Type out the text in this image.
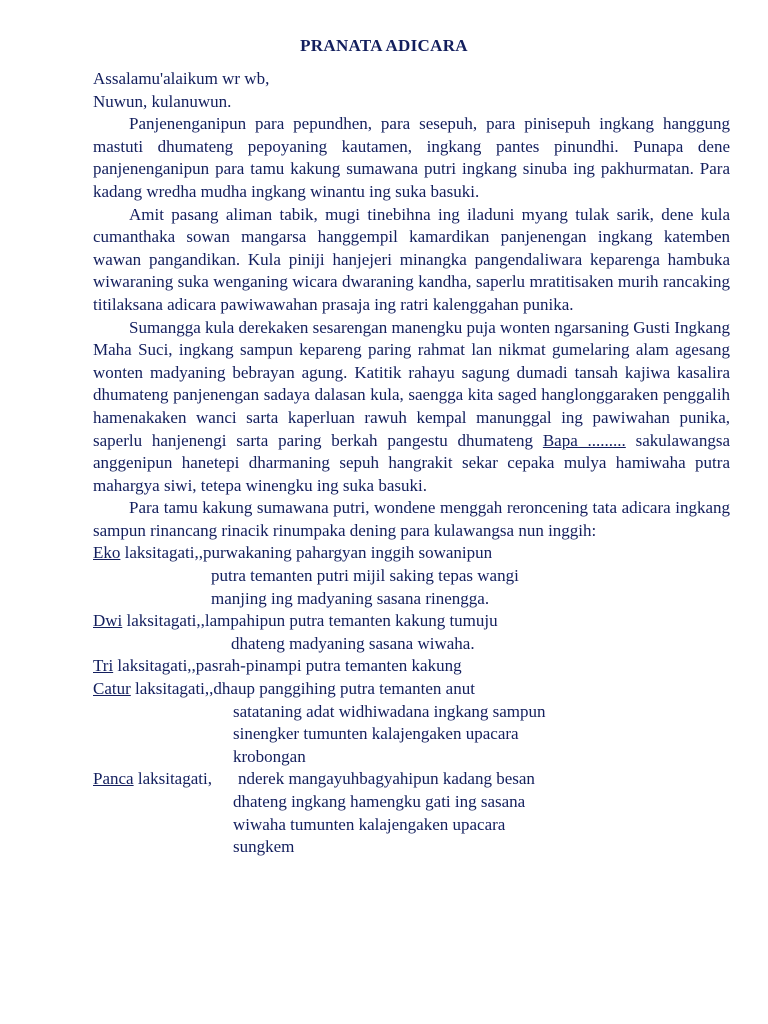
PRANATA ADICARA

Assalamu'alaikum wr wb,

Nuwun, kulanuwun.

Panjenenganipun para pepundhen, para sesepuh, para pinisepuh ingkang hanggung mastuti dhumateng pepoyaning kautamen, ingkang pantes pinundhi. Punapa dene panjenenganipun para tamu kakung sumawana putri ingkang sinuba ing pakhurmatan. Para kadang wredha mudha ingkang winantu ing suka basuki.

Amit pasang aliman tabik, mugi tinebihna ing iladuni myang tulak sarik, dene kula cumanthaka sowan mangarsa hanggempil kamardikan panjenengan ingkang katemben wawan pangandikan. Kula piniji hanjejeri minangka pangendaliwara keparenga hambuka wiwaraning suka wenganing wicara dwaraning kandha, saperlu mratitisaken murih rancaking titilaksana adicara pawiwawahan prasaja ing ratri kalenggahan punika.

Sumangga kula derekaken sesarengan manengku puja wonten ngarsaning Gusti Ingkang Maha Suci, ingkang sampun kepareng paring rahmat lan nikmat gumelaring alam agesang wonten madyaning bebrayan agung. Katitik rahayu sagung dumadi tansah kajiwa kasalira dhumateng panjenengan sadaya dalasan kula, saengga kita saged hanglonggaraken penggalih hamenakaken wanci sarta kaperluan rawuh kempal manunggal ing pawiwahan punika, saperlu hanjenengi sarta paring berkah pangestu dhumateng Bapa ......... sakulawangsa anggenipun hanetepi dharmaning sepuh hangrakit sekar cepaka mulya hamiwaha putra mahargya siwi, tetepa winengku ing suka basuki.

Para tamu kakung sumawana putri, wondene menggah reroncening tata adicara ingkang sampun rinancang rinacik rinumpaka dening para kulawangsa nun inggih:

Eko laksitagati,,purwakaning pahargyan inggih sowanipun
putra temanten putri mijil saking tepas wangi
manjing ing madyaning sasana rinengga.
Dwi laksitagati,,lampahipun putra temanten kakung tumuju
dhateng madyaning sasana wiwaha.
Tri laksitagati,,pasrah-pinampi putra temanten kakung
Catur laksitagati,,dhaup panggihing putra temanten anut
satataning adat widhiwadana ingkang sampun
sinengker tumunten kalajengaken upacara
krobongan
Panca laksitagati, nderek mangayuhbagyahipun kadang besan
dhateng ingkang hamengku gati ing sasana
wiwaha tumunten kalajengaken upacara
sungkem
